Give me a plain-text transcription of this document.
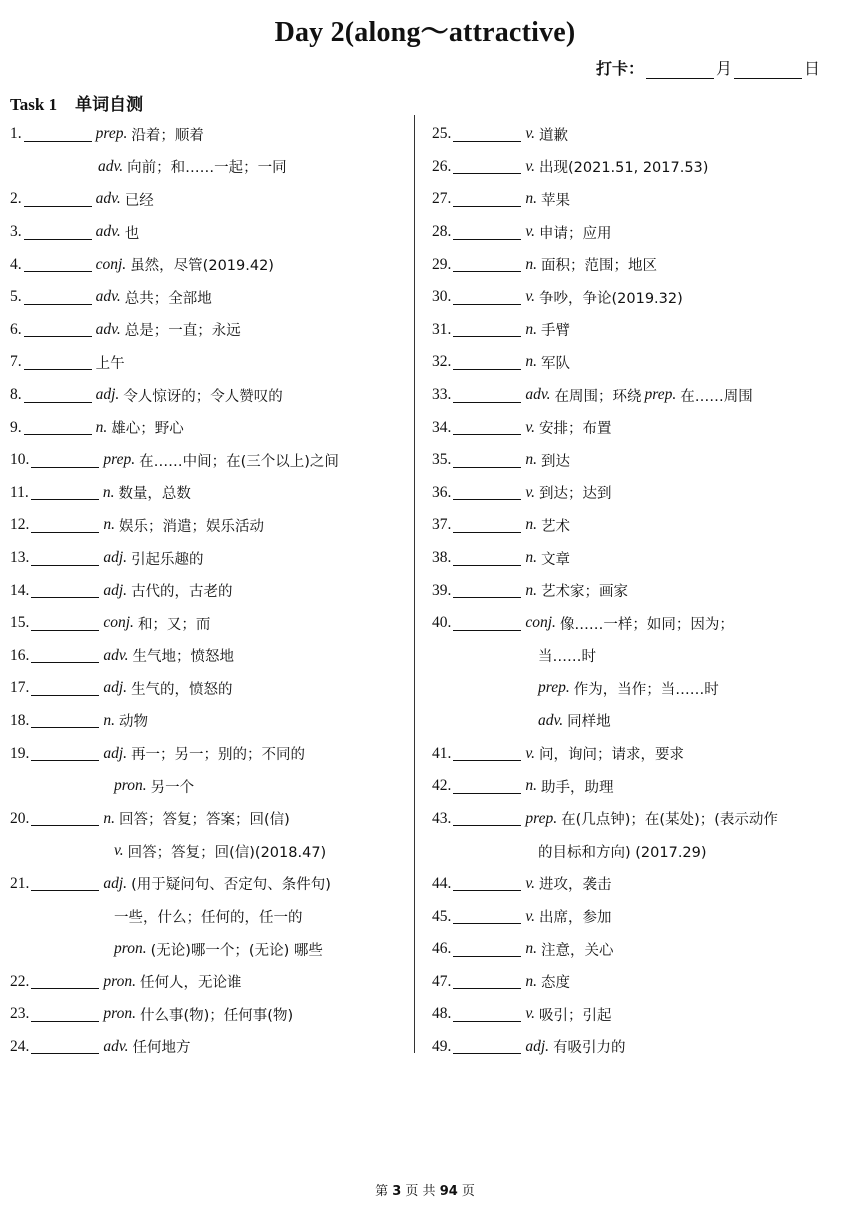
Day 2(along～attractive)
打卡：	月	日
Task 1 单词自测
1.	prep. 沿着；顺着
adv. 向前；和……一起；一同
2.	adv. 已经
3.	adv. 也
4.	conj. 虽然，尽管(2019.42)
5.	adv. 总共；全部地
6.	adv. 总是；一直；永远
7.	上午
8.	adj. 令人惊讶的；令人赞叹的
9.	n. 雄心；野心
10.	prep. 在……中间；在(三个以上)之间
11.	n. 数量，总数
12.	n. 娱乐；消遣；娱乐活动
13.	adj. 引起乐趣的
14.	adj. 古代的，古老的
15.	conj. 和；又；而
16.	adv. 生气地；愤怒地
17.	adj. 生气的，愤怒的
18.	n. 动物
19.	adj. 再一；另一；别的；不同的
pron. 另一个
20.	n. 回答；答复；答案；回(信)
v. 回答；答复；回(信)(2018.47)
21.	adj. (用于疑问句、否定句、条件句)
一些，什么；任何的，任一的
pron. (无论)哪一个；(无论) 哪些
22.	pron. 任何人，无论谁
23.	pron. 什么事(物)；任何事(物)
24.	adv. 任何地方
25.	v. 道歉
26.	v. 出现(2021.51, 2017.53)
27.	n. 苹果
28.	v. 申请；应用
29.	n. 面积；范围；地区
30.	v. 争吵，争论(2019.32)
31.	n. 手臂
32.	n. 军队
33.	adv. 在周围；环绕 prep. 在……周围
34.	v. 安排；布置
35.	n. 到达
36.	v. 到达；达到
37.	n. 艺术
38.	n. 文章
39.	n. 艺术家；画家
40.	conj. 像……一样；如同；因为；
当……时
prep. 作为，当作；当……时
adv. 同样地
41.	v. 问，询问；请求，要求
42.	n. 助手，助理
43.	prep. 在(几点钟)；在(某处)；(表示动作
的目标和方向) (2017.29)
44.	v. 进攻，袭击
45.	v. 出席，参加
46.	n. 注意，关心
47.	n. 态度
48.	v. 吸引；引起
49.	adj. 有吸引力的
第 3 页 共 94 页
